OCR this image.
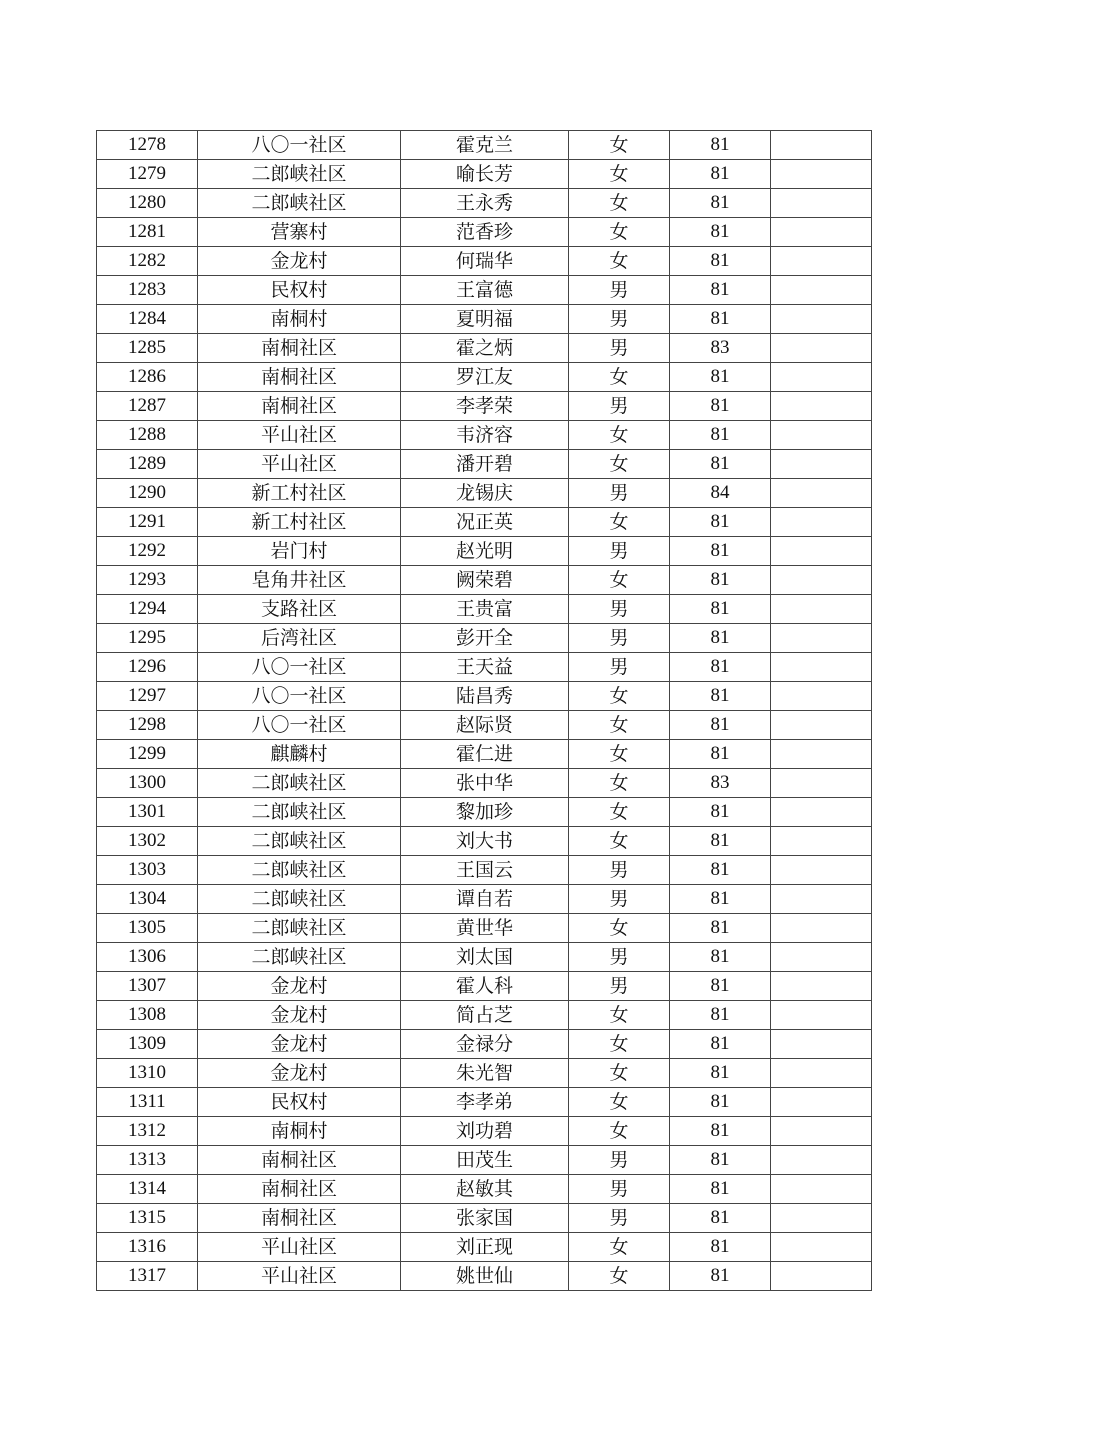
1278	八〇一社区	霍克兰	女	81	
1279	二郎峡社区	喻长芳	女	81	
1280	二郎峡社区	王永秀	女	81	
1281	营寨村	范香珍	女	81	
1282	金龙村	何瑞华	女	81	
1283	民权村	王富德	男	81	
1284	南桐村	夏明福	男	81	
1285	南桐社区	霍之炳	男	83	
1286	南桐社区	罗江友	女	81	
1287	南桐社区	李孝荣	男	81	
1288	平山社区	韦济容	女	81	
1289	平山社区	潘开碧	女	81	
1290	新工村社区	龙锡庆	男	84	
1291	新工村社区	况正英	女	81	
1292	岩门村	赵光明	男	81	
1293	皂角井社区	阙荣碧	女	81	
1294	支路社区	王贵富	男	81	
1295	后湾社区	彭开全	男	81	
1296	八〇一社区	王天益	男	81	
1297	八〇一社区	陆昌秀	女	81	
1298	八〇一社区	赵际贤	女	81	
1299	麒麟村	霍仁进	女	81	
1300	二郎峡社区	张中华	女	83	
1301	二郎峡社区	黎加珍	女	81	
1302	二郎峡社区	刘大书	女	81	
1303	二郎峡社区	王国云	男	81	
1304	二郎峡社区	谭自若	男	81	
1305	二郎峡社区	黄世华	女	81	
1306	二郎峡社区	刘太国	男	81	
1307	金龙村	霍人科	男	81	
1308	金龙村	简占芝	女	81	
1309	金龙村	金禄分	女	81	
1310	金龙村	朱光智	女	81	
1311	民权村	李孝弟	女	81	
1312	南桐村	刘功碧	女	81	
1313	南桐社区	田茂生	男	81	
1314	南桐社区	赵敏其	男	81	
1315	南桐社区	张家国	男	81	
1316	平山社区	刘正现	女	81	
1317	平山社区	姚世仙	女	81	
